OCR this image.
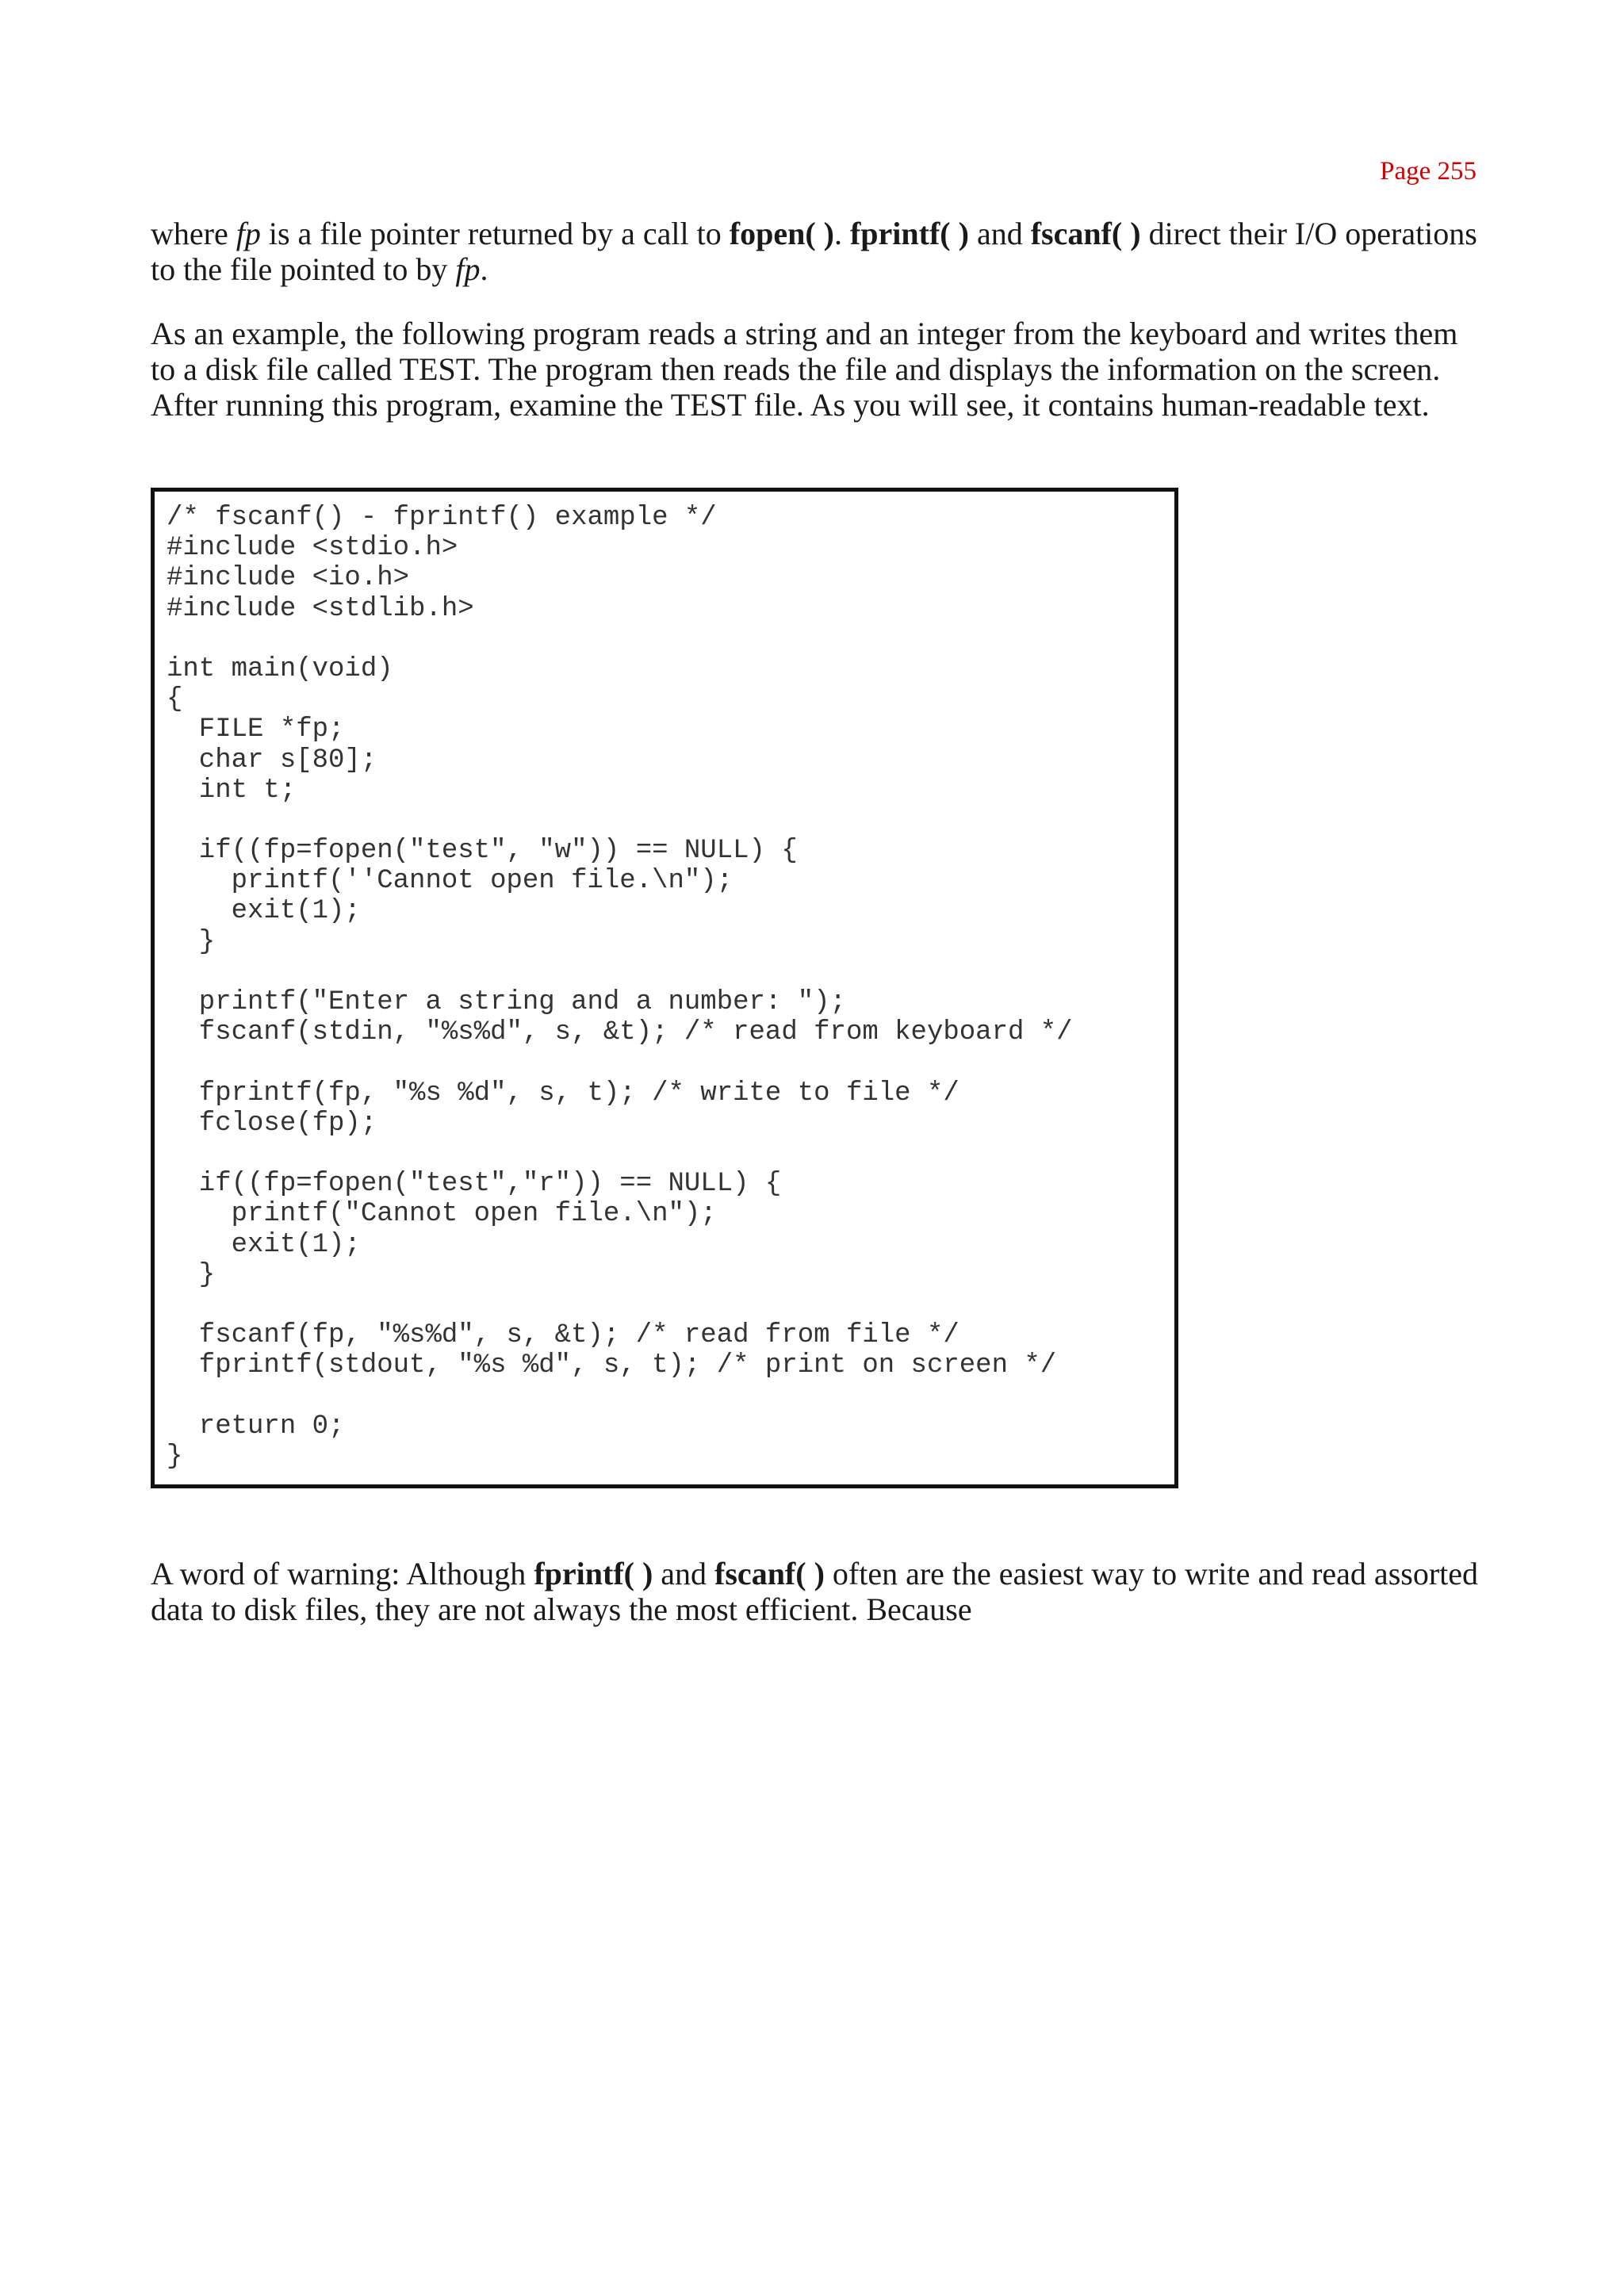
Page 255

where fp is a file pointer returned by a call to fopen( ). fprintf( ) and fscanf( ) direct their I/O operations to the file pointed to by fp.

As an example, the following program reads a string and an integer from the keyboard and writes them to a disk file called TEST. The program then reads the file and displays the information on the screen. After running this program, examine the TEST file. As you will see, it contains human-readable text.

/* fscanf() - fprintf() example */
#include <stdio.h>
#include <io.h>
#include <stdlib.h>
int main(void)
{
FILE *fp;
char s[80];
int t;
if((fp=fopen("test", "w")) == NULL) {
printf(''Cannot open file.\n");
exit(1);
}
printf("Enter a string and a number: ");
fscanf(stdin, "%s%d", s, &t); /* read from keyboard */
fprintf(fp, "%s %d", s, t); /* write to file */
fclose(fp);
if((fp=fopen("test","r")) == NULL) {
printf("Cannot open file.\n");
exit(1);
}
fscanf(fp, "%s%d", s, &t); /* read from file */
fprintf(stdout, "%s %d", s, t); /* print on screen */
return 0;
}

A word of warning: Although fprintf( ) and fscanf( ) often are the easiest way to write and read assorted data to disk files, they are not always the most efficient. Because
